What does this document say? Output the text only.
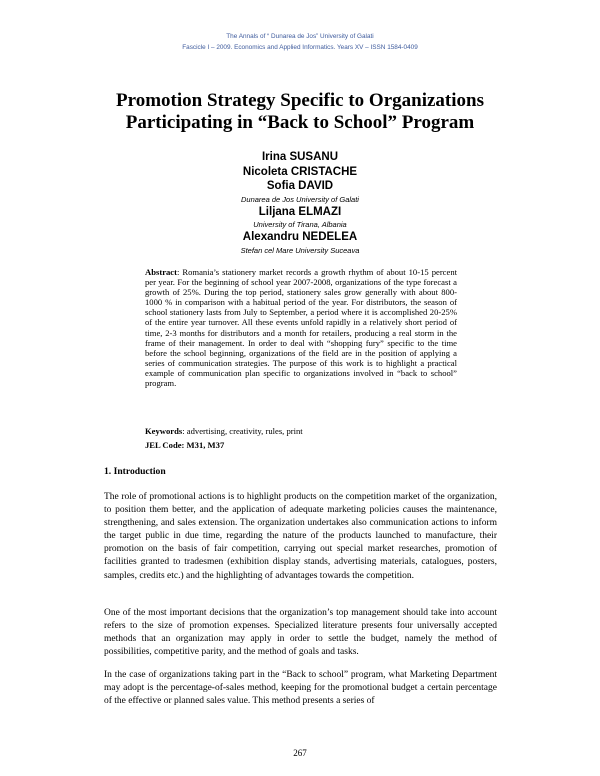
The Annals of “ Dunarea de Jos” University of Galati
Fascicle I – 2009. Economics and Applied Informatics. Years XV – ISSN 1584-0409
Promotion Strategy Specific to Organizations
Participating in “Back to School” Program
Irina SUSANU
Nicoleta CRISTACHE
Sofia DAVID
Dunarea de Jos University of Galati
Liljana ELMAZI
University of Tirana, Albania
Alexandru NEDELEA
Stefan cel Mare University Suceava

Abstract: Romania’s stationery market records a growth rhythm of about 10-15 percent per year. For the beginning of school year 2007-2008, organizations of the type forecast a growth of 25%. During the top period, stationery sales grow generally with about 800-1000 % in comparison with a habitual period of the year. For distributors, the season of school stationery lasts from July to September, a period where it is accomplished 20-25% of the entire year turnover. All these events unfold rapidly in a relatively short period of time, 2-3 months for distributors and a month for retailers, producing a real storm in the frame of their management. In order to deal with “shopping fury” specific to the time before the school beginning, organizations of the field are in the position of applying a series of communication strategies. The purpose of this work is to highlight a practical example of communication plan specific to organizations involved in “back to school” program.

Keywords: advertising, creativity, rules, print
JEL Code: M31, M37
1. Introduction

The role of promotional actions is to highlight products on the competition market of the organization, to position them better, and the application of adequate marketing policies causes the maintenance, strengthening, and sales extension. The organization undertakes also communication actions to inform the target public in due time, regarding the nature of the products launched to manufacture, their promotion on the basis of fair competition, carrying out special market researches, promotion of facilities granted to tradesmen (exhibition display stands, advertising materials, catalogues, posters, samples, credits etc.) and the highlighting of advantages towards the competition.

One of the most important decisions that the organization’s top management should take into account refers to the size of promotion expenses. Specialized literature presents four universally accepted methods that an organization may apply in order to settle the budget, namely the method of possibilities, competitive parity, and the method of goals and tasks.

In the case of organizations taking part in the “Back to school” program, what Marketing Department may adopt is the percentage-of-sales method, keeping for the promotional budget a certain percentage of the effective or planned sales value. This method presents a series of

267
